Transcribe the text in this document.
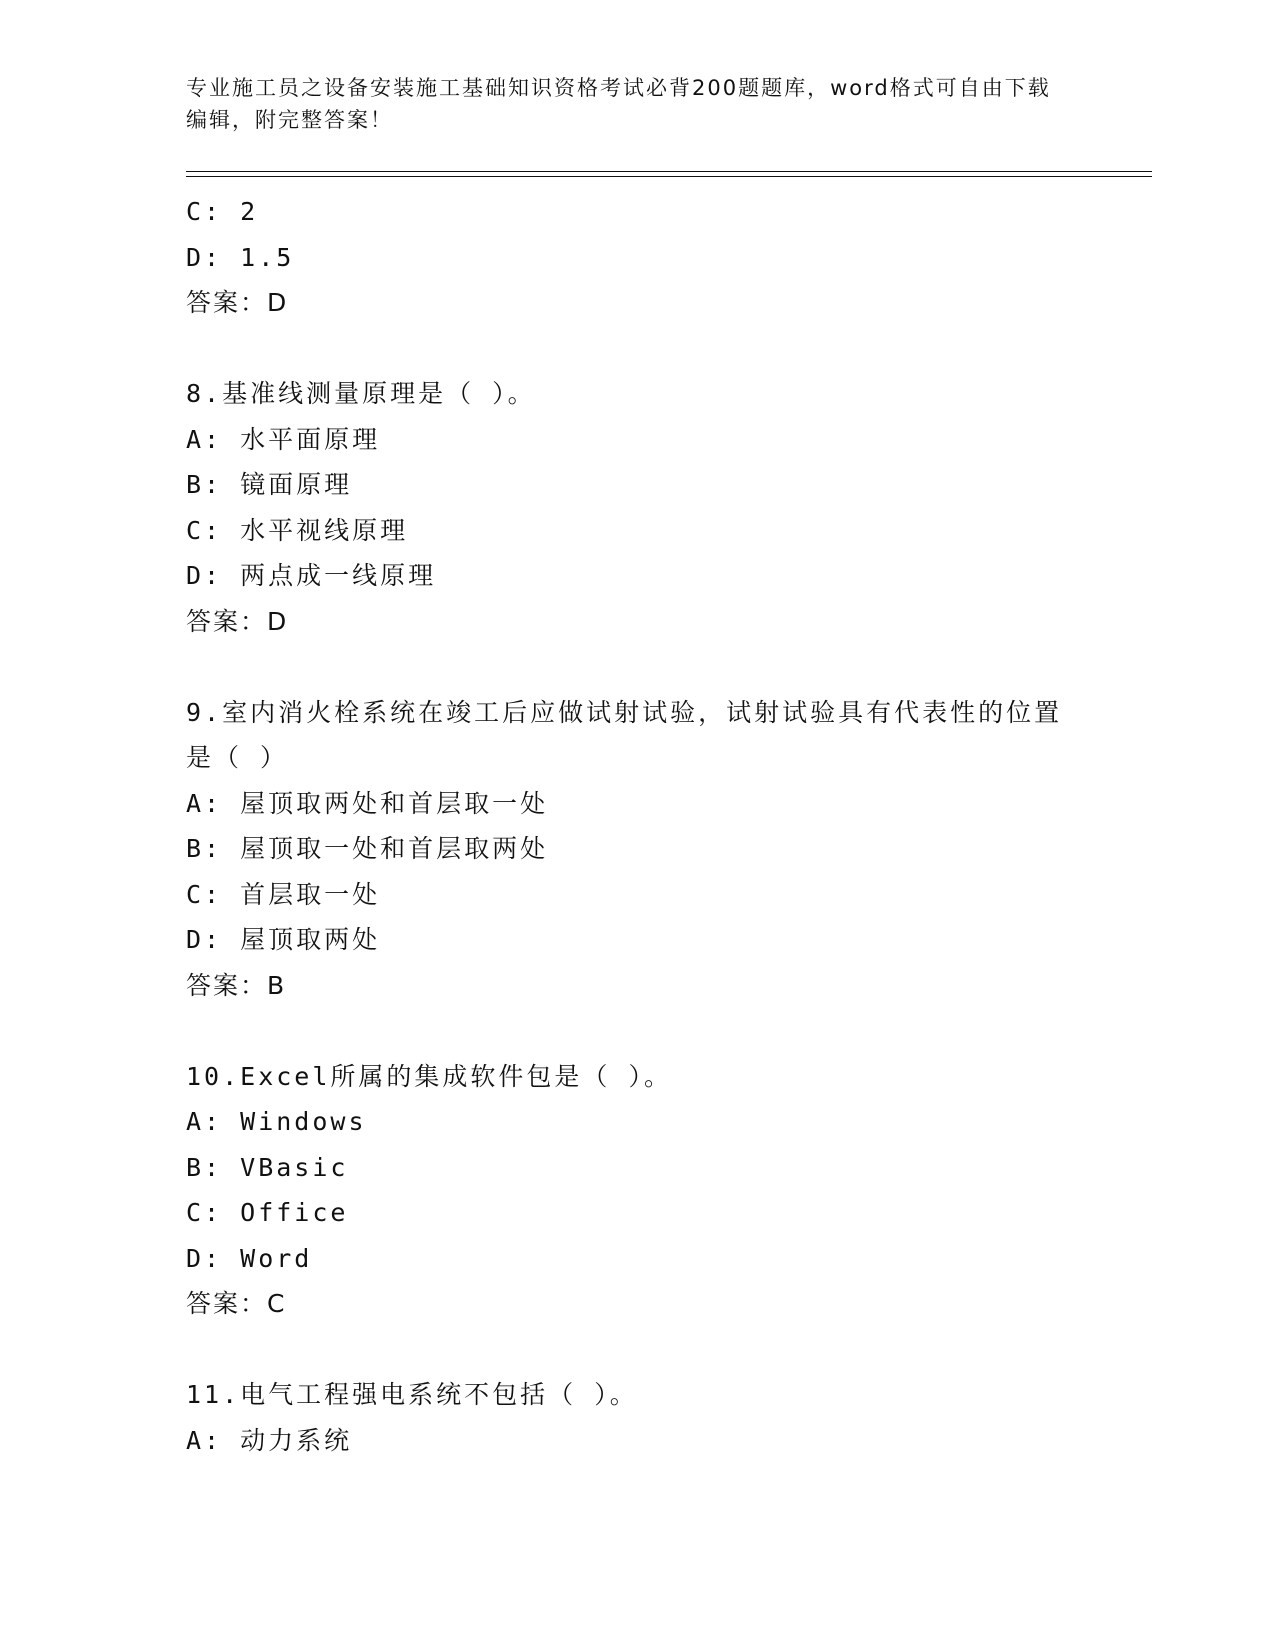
专业施工员之设备安装施工基础知识资格考试必背200题题库，word格式可自由下载编辑，附完整答案！

C: 2
D: 1.5
答案：D
8.基准线测量原理是（ ）。
A: 水平面原理
B: 镜面原理
C: 水平视线原理
D: 两点成一线原理
答案：D
9.室内消火栓系统在竣工后应做试射试验，试射试验具有代表性的位置是（ ）
A: 屋顶取两处和首层取一处
B: 屋顶取一处和首层取两处
C: 首层取一处
D: 屋顶取两处
答案：B
10.Excel所属的集成软件包是（ ）。
A: Windows
B: VBasic
C: Office
D: Word
答案：C
11.电气工程强电系统不包括（ ）。
A: 动力系统
